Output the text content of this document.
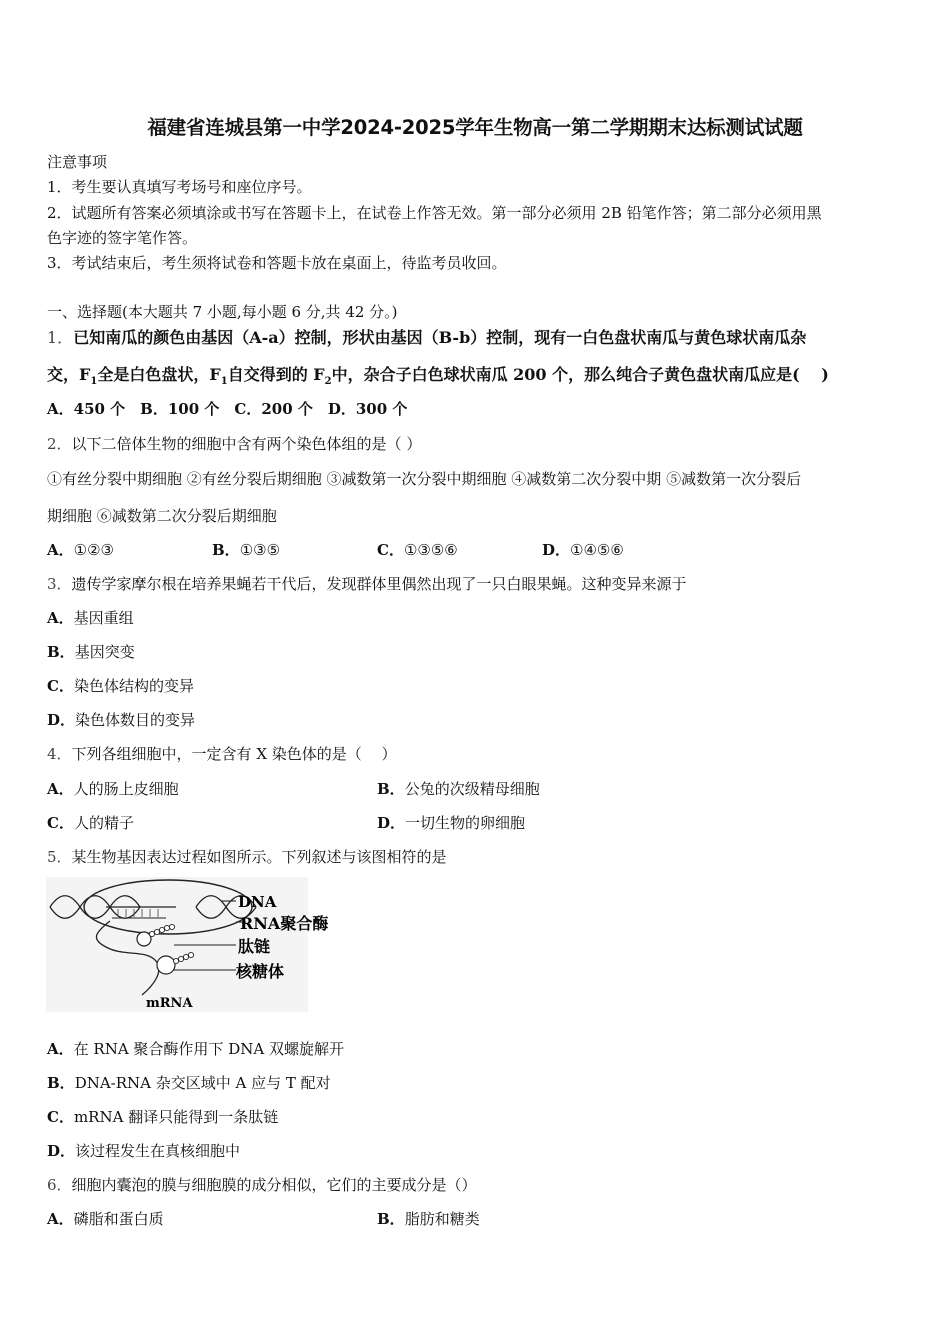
福建省连城县第一中学2024-2025学年生物高一第二学期期末达标测试试题
注意事项
1．考生要认真填写考场号和座位序号。
2．试题所有答案必须填涂或书写在答题卡上，在试卷上作答无效。第一部分必须用 2B 铅笔作答；第二部分必须用黑
色字迹的签字笔作答。
3．考试结束后，考生须将试卷和答题卡放在桌面上，待监考员收回。
一、选择题(本大题共 7 小题,每小题 6 分,共 42 分。)
1．已知南瓜的颜色由基因（A-a）控制，形状由基因（B-b）控制，现有一白色盘状南瓜与黄色球状南瓜杂
交，$F_1$全是白色盘状，$F_1$自交得到的 $F_2$中，杂合子白色球状南瓜 200 个，那么纯合子黄色盘状南瓜应是(　 )
A．450 个　B．100 个　C．200 个　D．300 个
2．以下二倍体生物的细胞中含有两个染色体组的是（ ）
①有丝分裂中期细胞 ②有丝分裂后期细胞 ③减数第一次分裂中期细胞 ④减数第二次分裂中期 ⑤减数第一次分裂后
期细胞 ⑥减数第二次分裂后期细胞
A．①②③	B．①③⑤	C．①③⑤⑥	D．①④⑤⑥
3．遗传学家摩尔根在培养果蝇若干代后，发现群体里偶然出现了一只白眼果蝇。这种变异来源于
A．基因重组
B．基因突变
C．染色体结构的变异
D．染色体数目的变异
4．下列各组细胞中，一定含有 X 染色体的是（　 ）
A．人的肠上皮细胞	B．公兔的次级精母细胞
C．人的精子	D．一切生物的卵细胞
5．某生物基因表达过程如图所示。下列叙述与该图相符的是
DNA
RNA聚合酶
肽链
核糖体
mRNA
A．在 RNA 聚合酶作用下 DNA 双螺旋解开
B．DNA-RNA 杂交区域中 A 应与 T 配对
C．mRNA 翻译只能得到一条肽链
D．该过程发生在真核细胞中
6．细胞内囊泡的膜与细胞膜的成分相似，它们的主要成分是（）
A．磷脂和蛋白质	B．脂肪和糖类
